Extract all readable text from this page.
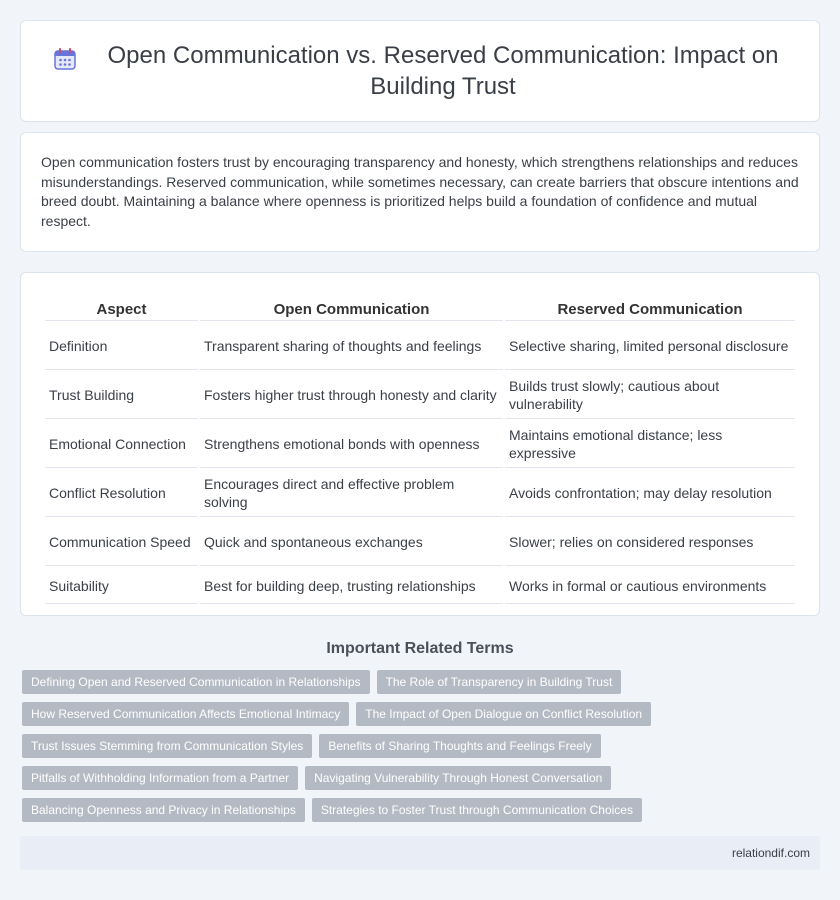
Open Communication vs. Reserved Communication: Impact on Building Trust

Open communication fosters trust by encouraging transparency and honesty, which strengthens relationships and reduces misunderstandings. Reserved communication, while sometimes necessary, can create barriers that obscure intentions and breed doubt. Maintaining a balance where openness is prioritized helps build a foundation of confidence and mutual respect.

Aspect	Open Communication	Reserved Communication
Definition	Transparent sharing of thoughts and feelings	Selective sharing, limited personal disclosure
Trust Building	Fosters higher trust through honesty and clarity	Builds trust slowly; cautious about vulnerability
Emotional Connection	Strengthens emotional bonds with openness	Maintains emotional distance; less expressive
Conflict Resolution	Encourages direct and effective problem solving	Avoids confrontation; may delay resolution
Communication Speed	Quick and spontaneous exchanges	Slower; relies on considered responses
Suitability	Best for building deep, trusting relationships	Works in formal or cautious environments
Important Related Terms
Defining Open and Reserved Communication in Relationships	The Role of Transparency in Building Trust
How Reserved Communication Affects Emotional Intimacy	The Impact of Open Dialogue on Conflict Resolution
Trust Issues Stemming from Communication Styles	Benefits of Sharing Thoughts and Feelings Freely
Pitfalls of Withholding Information from a Partner	Navigating Vulnerability Through Honest Conversation
Balancing Openness and Privacy in Relationships	Strategies to Foster Trust through Communication Choices
relationdif.com
